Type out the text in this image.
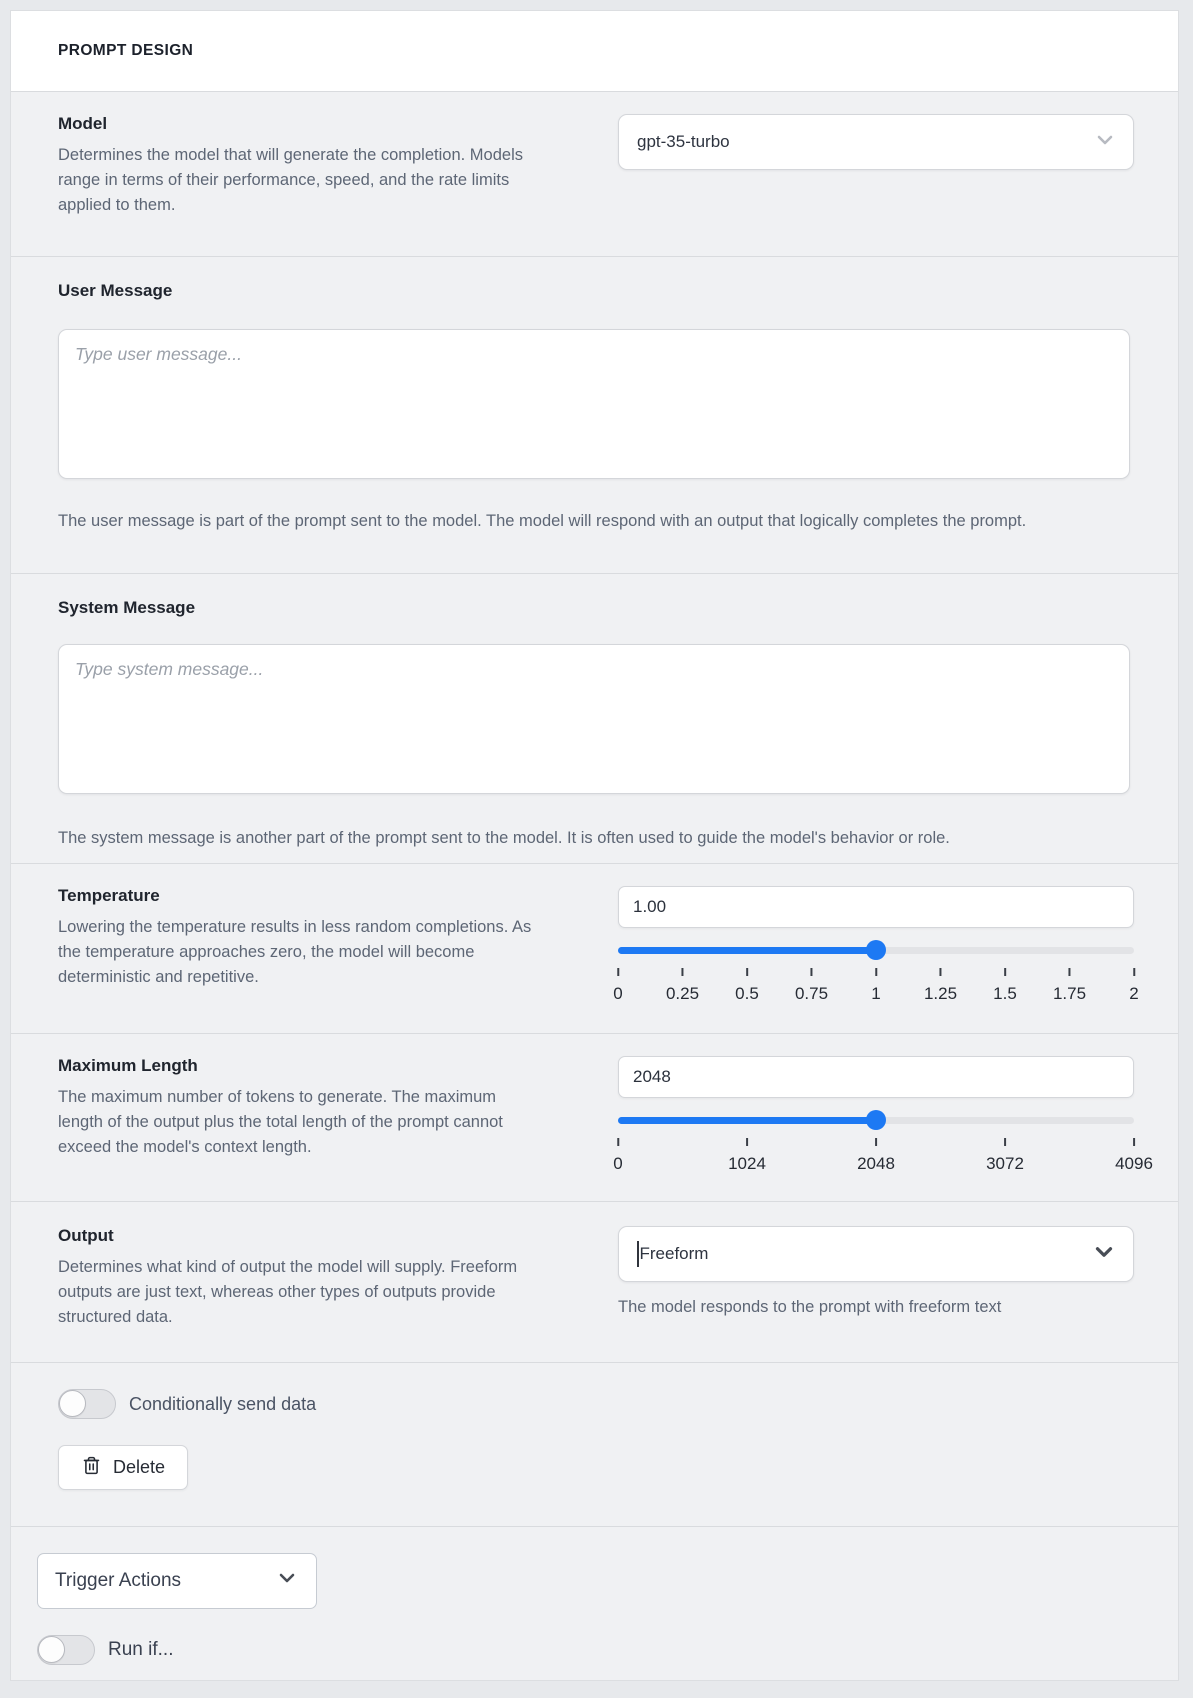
PROMPT DESIGN
Model
Determines the model that will generate the completion. Models range in terms of their performance, speed, and the rate limits applied to them.
gpt-35-turbo
User Message
Type user message...
The user message is part of the prompt sent to the model. The model will respond with an output that logically completes the prompt.
System Message
Type system message...
The system message is another part of the prompt sent to the model. It is often used to guide the model's behavior or role.
Temperature
Lowering the temperature results in less random completions. As the temperature approaches zero, the model will become deterministic and repetitive.
1.00
0	0.25 0.5 0.75	1	1.25 1.5 1.75	2
Maximum Length
The maximum number of tokens to generate. The maximum length of the output plus the total length of the prompt cannot exceed the model's context length.
2048
0	1024	2048	3072	4096
Output
Determines what kind of output the model will supply. Freeform outputs are just text, whereas other types of outputs provide structured data.
Freeform
The model responds to the prompt with freeform text
Conditionally send data
Delete
Trigger Actions
Run if...
